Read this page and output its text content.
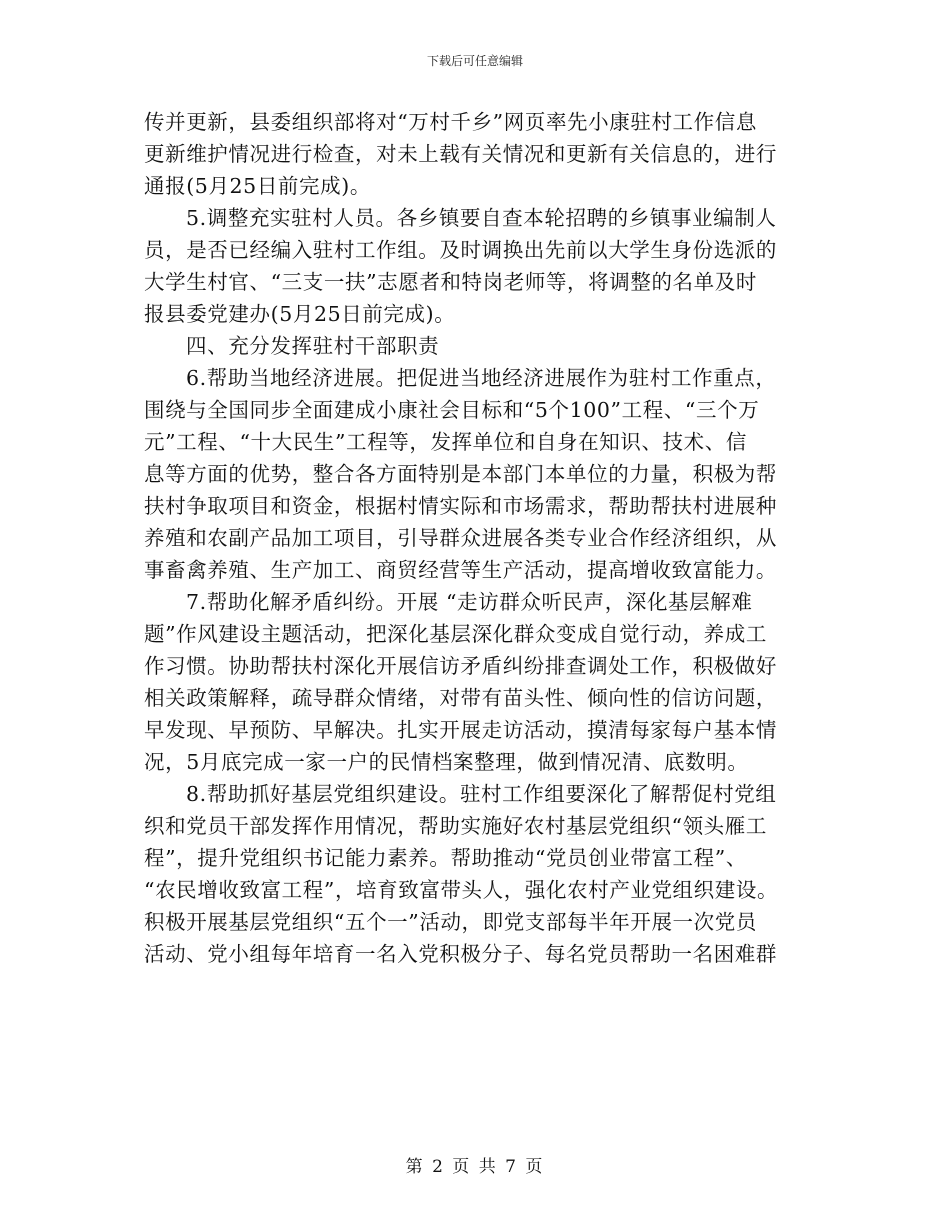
下载后可任意编辑

传并更新，县委组织部将对“万村千乡”网页率先小康驻村工作信息
更新维护情况进行检查，对未上载有关情况和更新有关信息的，进行
通报(5月25日前完成)。

5.调整充实驻村人员。各乡镇要自查本轮招聘的乡镇事业编制人
员，是否已经编入驻村工作组。及时调换出先前以大学生身份选派的
大学生村官、“三支一扶”志愿者和特岗老师等，将调整的名单及时
报县委党建办(5月25日前完成)。

四、充分发挥驻村干部职责

6.帮助当地经济进展。把促进当地经济进展作为驻村工作重点，
围绕与全国同步全面建成小康社会目标和“5个100”工程、“三个万
元”工程、“十大民生”工程等，发挥单位和自身在知识、技术、信
息等方面的优势，整合各方面特别是本部门本单位的力量，积极为帮
扶村争取项目和资金，根据村情实际和市场需求，帮助帮扶村进展种
养殖和农副产品加工项目，引导群众进展各类专业合作经济组织，从
事畜禽养殖、生产加工、商贸经营等生产活动，提高增收致富能力。

7.帮助化解矛盾纠纷。开展 “走访群众听民声，深化基层解难
题”作风建设主题活动，把深化基层深化群众变成自觉行动，养成工
作习惯。协助帮扶村深化开展信访矛盾纠纷排查调处工作，积极做好
相关政策解释，疏导群众情绪，对带有苗头性、倾向性的信访问题，
早发现、早预防、早解决。扎实开展走访活动，摸清每家每户基本情
况，5月底完成一家一户的民情档案整理，做到情况清、底数明。

8.帮助抓好基层党组织建设。驻村工作组要深化了解帮促村党组
织和党员干部发挥作用情况，帮助实施好农村基层党组织“领头雁工
程”，提升党组织书记能力素养。帮助推动“党员创业带富工程”、
“农民增收致富工程”，培育致富带头人，强化农村产业党组织建设。
积极开展基层党组织“五个一”活动，即党支部每半年开展一次党员
活动、党小组每年培育一名入党积极分子、每名党员帮助一名困难群

第 2 页 共 7 页
